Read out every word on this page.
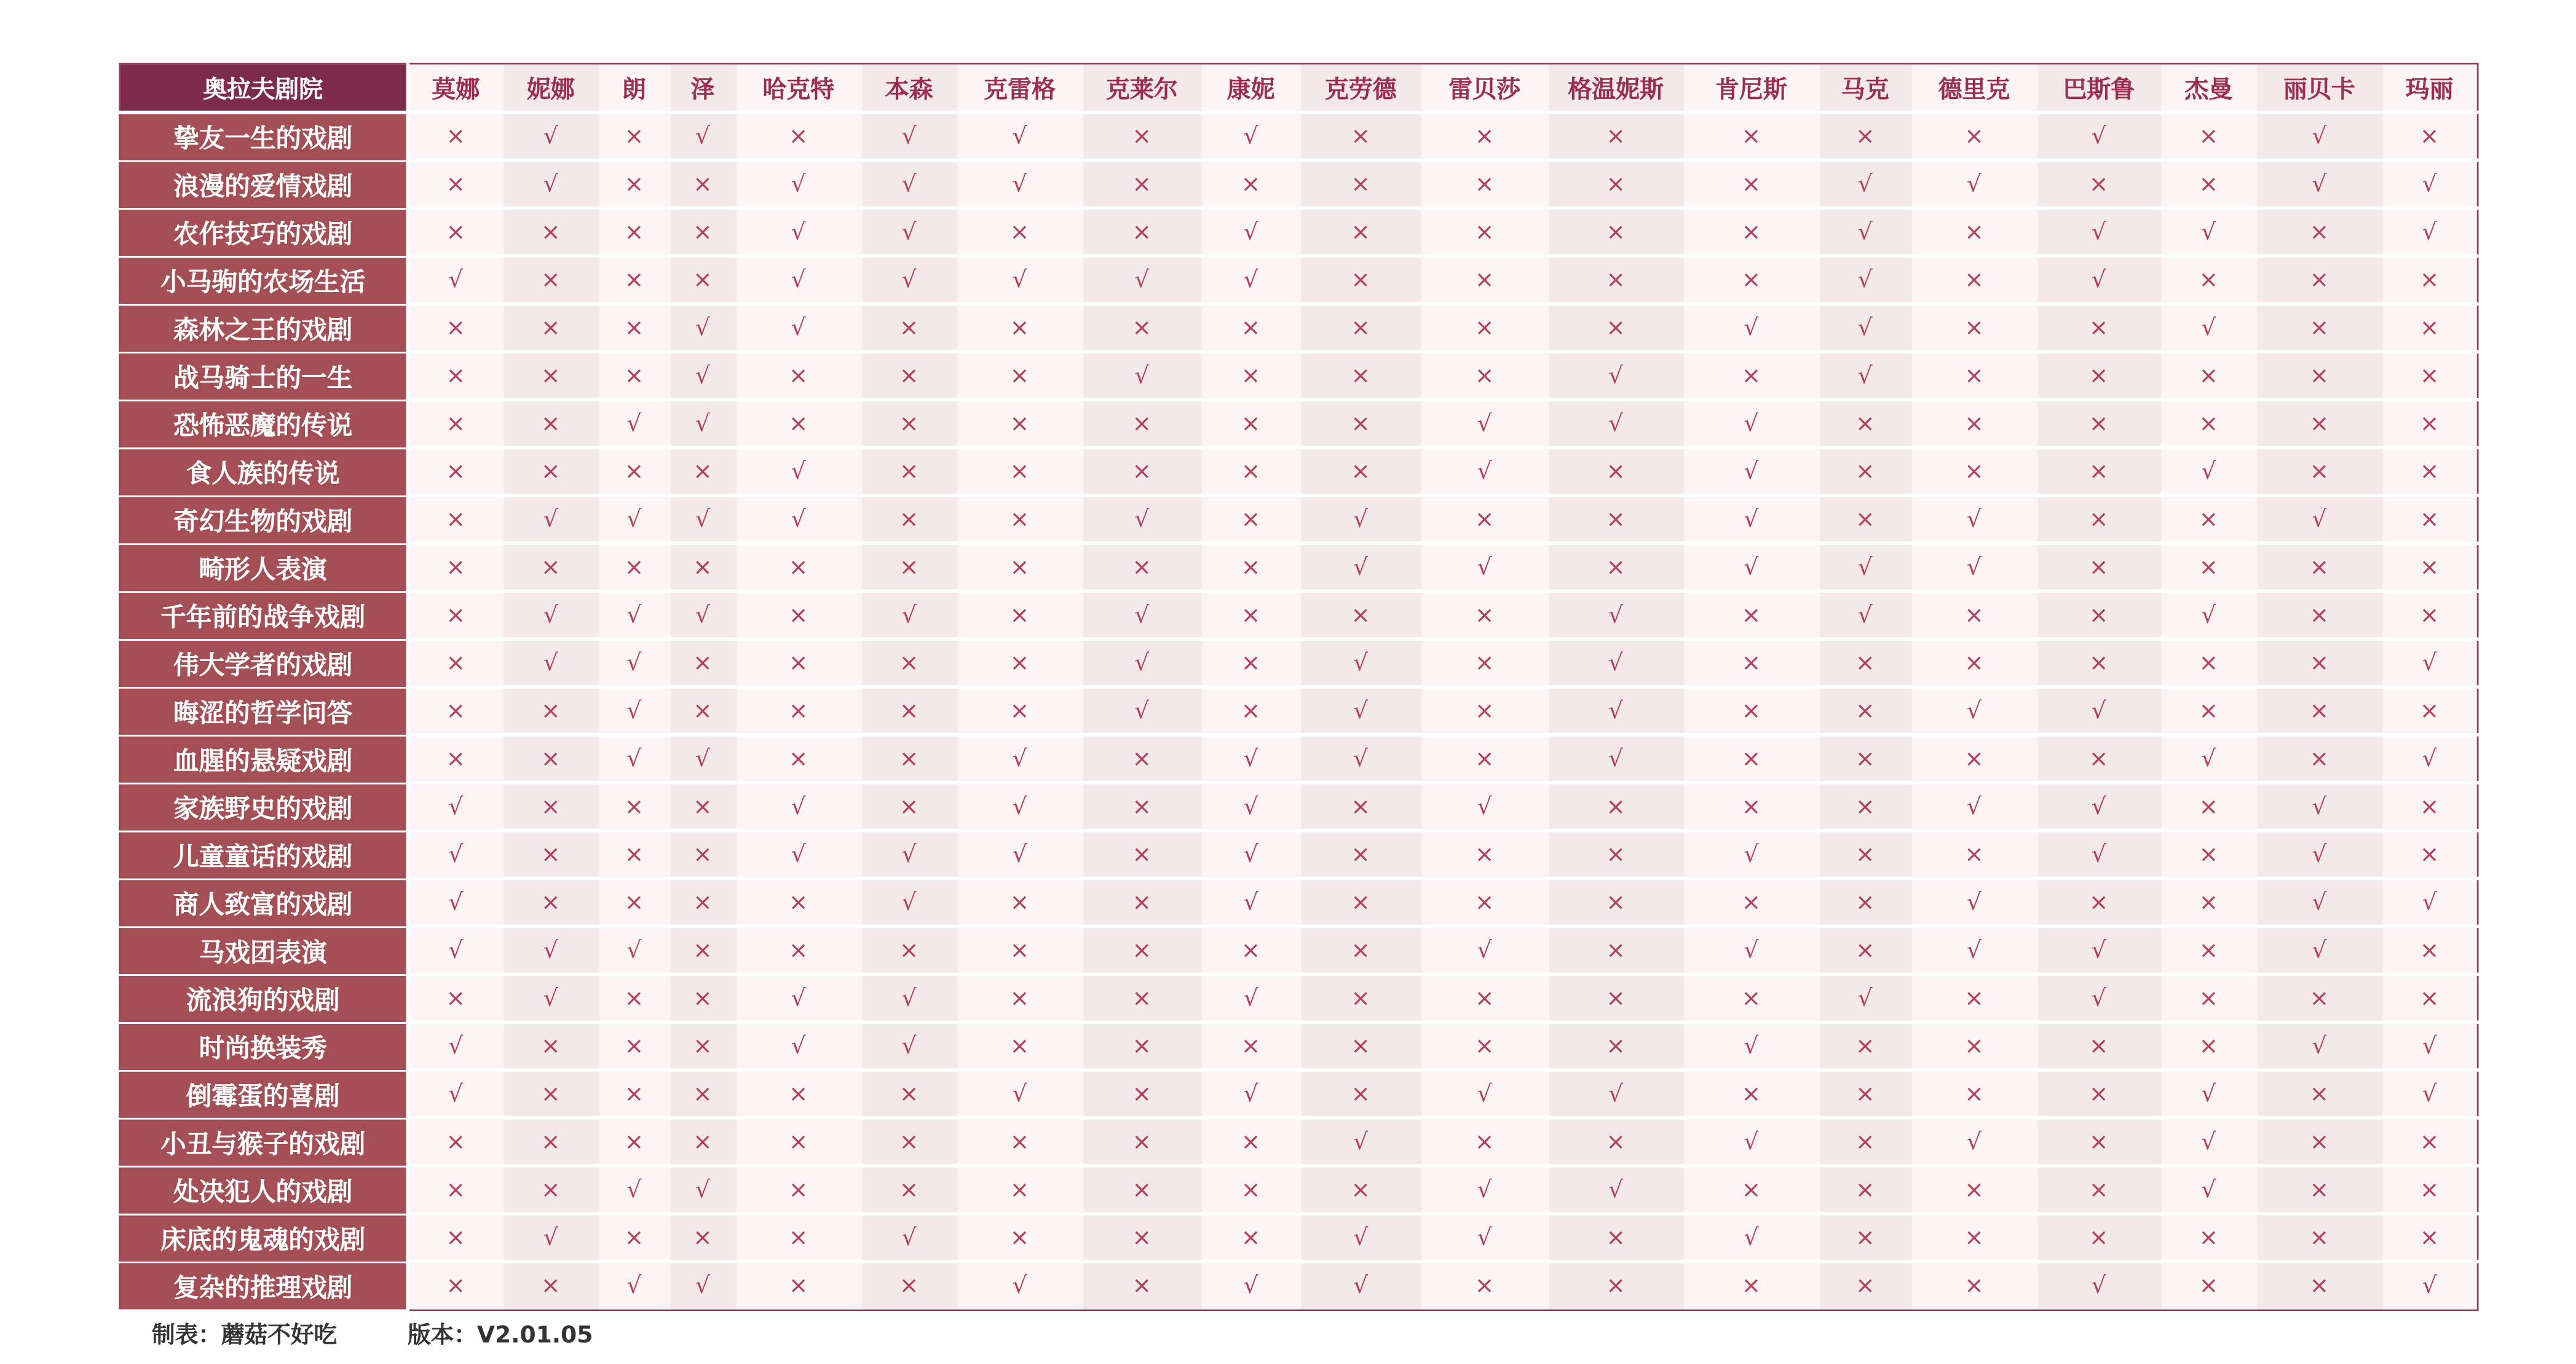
奥拉夫剧院	莫娜	妮娜	朗	泽	哈克特	本森	克雷格	克莱尔	康妮	克劳德	雷贝莎	格温妮斯	肯尼斯	马克	德里克	巴斯鲁	杰曼	丽贝卡	玛丽
挚友一生的戏剧	×	√	×	√	×	√	√	×	√	×	×	×	×	×	×	√	×	√	×
浪漫的爱情戏剧	×	√	×	×	√	√	√	×	×	×	×	×	×	√	√	×	×	√	√
农作技巧的戏剧	×	×	×	×	√	√	×	×	√	×	×	×	×	√	×	√	√	×	√
小马驹的农场生活	√	×	×	×	√	√	√	√	√	×	×	×	×	√	×	√	×	×	×
森林之王的戏剧	×	×	×	√	√	×	×	×	×	×	×	×	√	√	×	×	√	×	×
战马骑士的一生	×	×	×	√	×	×	×	√	×	×	×	√	×	√	×	×	×	×	×
恐怖恶魔的传说	×	×	√	√	×	×	×	×	×	×	√	√	√	×	×	×	×	×	×
食人族的传说	×	×	×	×	√	×	×	×	×	×	√	×	√	×	×	×	√	×	×
奇幻生物的戏剧	×	√	√	√	√	×	×	√	×	√	×	×	√	×	√	×	×	√	×
畸形人表演	×	×	×	×	×	×	×	×	×	√	√	×	√	√	√	×	×	×	×
千年前的战争戏剧	×	√	√	√	×	√	×	√	×	×	×	√	×	√	×	×	√	×	×
伟大学者的戏剧	×	√	√	×	×	×	×	√	×	√	×	√	×	×	×	×	×	×	√
晦涩的哲学问答	×	×	√	×	×	×	×	√	×	√	×	√	×	×	√	√	×	×	×
血腥的悬疑戏剧	×	×	√	√	×	×	√	×	√	√	×	√	×	×	×	×	√	×	√
家族野史的戏剧	√	×	×	×	√	×	√	×	√	×	√	×	×	×	√	√	×	√	×
儿童童话的戏剧	√	×	×	×	√	√	√	×	√	×	×	×	√	×	×	√	×	√	×
商人致富的戏剧	√	×	×	×	×	√	×	×	√	×	×	×	×	×	√	×	×	√	√
马戏团表演	√	√	√	×	×	×	×	×	×	×	√	×	√	×	√	√	×	√	×
流浪狗的戏剧	×	√	×	×	√	√	×	×	√	×	×	×	×	√	×	√	×	×	×
时尚换装秀	√	×	×	×	√	√	×	×	×	×	×	×	√	×	×	×	×	√	√
倒霉蛋的喜剧	√	×	×	×	×	×	√	×	√	×	√	√	×	×	×	×	√	×	√
小丑与猴子的戏剧	×	×	×	×	×	×	×	×	×	√	×	×	√	×	√	×	√	×	×
处决犯人的戏剧	×	×	√	√	×	×	×	×	×	×	√	√	×	×	×	×	√	×	×
床底的鬼魂的戏剧	×	√	×	×	×	√	×	×	×	√	√	×	√	×	×	×	×	×	×
复杂的推理戏剧	×	×	√	√	×	×	√	×	√	√	×	×	×	×	×	√	×	×	√
制表：蘑菇不好吃	版本：V2.01.05
